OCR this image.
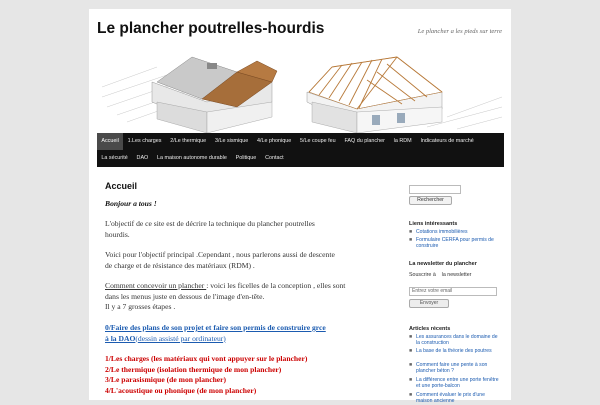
Le plancher poutrelles-hourdis	Le plancher a les pieds sur terre
Accueil	1.Les charges	2/Le thermique	3/Le sismique	4/Le phonique	5/Le coupe feu	FAQ du plancher	la RDM	Indicateurs de marché
La sécurité	DAO	La maison autonome durable	Politique	Contact
Accueil
Bonjour a tous !
L'objectif de ce site est de décrire la technique du plancher poutrelles
hourdis.
Voici pour l'objectif principal .Cependant , nous parlerons aussi de descente
de charge et de résistance des matériaux (RDM) .
Comment concevoir un plancher : voici les ficelles de la conception , elles sont
dans les menus juste en dessous de l'image d'en-tête.
Il y a 7 grosses étapes .
0/Faire des plans de son projet et faire son permis de construire grce
à la DAO(dessin assisté par ordinateur)
1/Les charges (les matériaux qui vont appuyer sur le plancher)
2/Le thermique (isolation thermique de mon plancher)
3/Le parasismique (de mon plancher)
4/L'acoustique ou phonique (de mon plancher)
Rechercher
Liens intéressants
■ Cotations immobilières
■ Formulaire CERFA pour permis de construire
La newsletter du plancher
Souscrire à    la newsletter
Entrez votre email
Envoyer
Articles récents
■ Les assurances dans le domaine de la construction
■ La base de la théorie des poutres
■ Comment faire une pente à son plancher béton ?
■ La différence entre une porte fenêtre et une porte-balcon
■ Comment évaluer le prix d'une maison ancienne
